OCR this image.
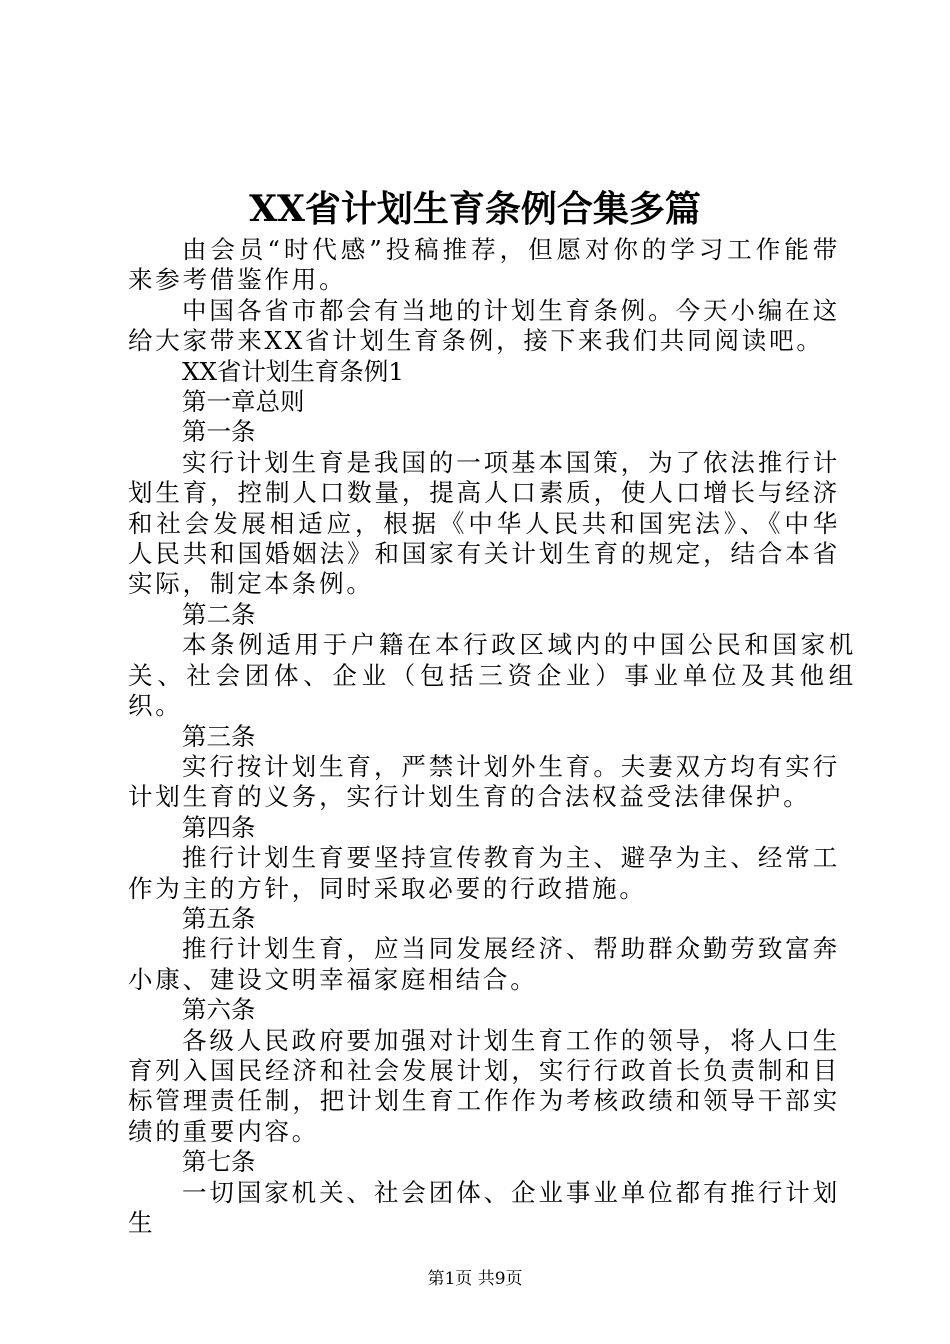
XX省计划生育条例合集多篇

由会员“时代感”投稿推荐，但愿对你的学习工作能带来参考借鉴作用。

中国各省市都会有当地的计划生育条例。今天小编在这给大家带来XX省计划生育条例，接下来我们共同阅读吧。

XX省计划生育条例1

第一章总则

第一条

实行计划生育是我国的一项基本国策，为了依法推行计划生育，控制人口数量，提高人口素质，使人口增长与经济和社会发展相适应，根据《中华人民共和国宪法》、《中华人民共和国婚姻法》和国家有关计划生育的规定，结合本省实际，制定本条例。

第二条

本条例适用于户籍在本行政区域内的中国公民和国家机关、社会团体、企业（包括三资企业）事业单位及其他组织。

第三条

实行按计划生育，严禁计划外生育。夫妻双方均有实行计划生育的义务，实行计划生育的合法权益受法律保护。

第四条

推行计划生育要坚持宣传教育为主、避孕为主、经常工作为主的方针，同时采取必要的行政措施。

第五条

推行计划生育，应当同发展经济、帮助群众勤劳致富奔小康、建设文明幸福家庭相结合。

第六条

各级人民政府要加强对计划生育工作的领导，将人口生育列入国民经济和社会发展计划，实行行政首长负责制和目标管理责任制，把计划生育工作作为考核政绩和领导干部实绩的重要内容。

第七条

一切国家机关、社会团体、企业事业单位都有推行计划生

第1页 共9页
